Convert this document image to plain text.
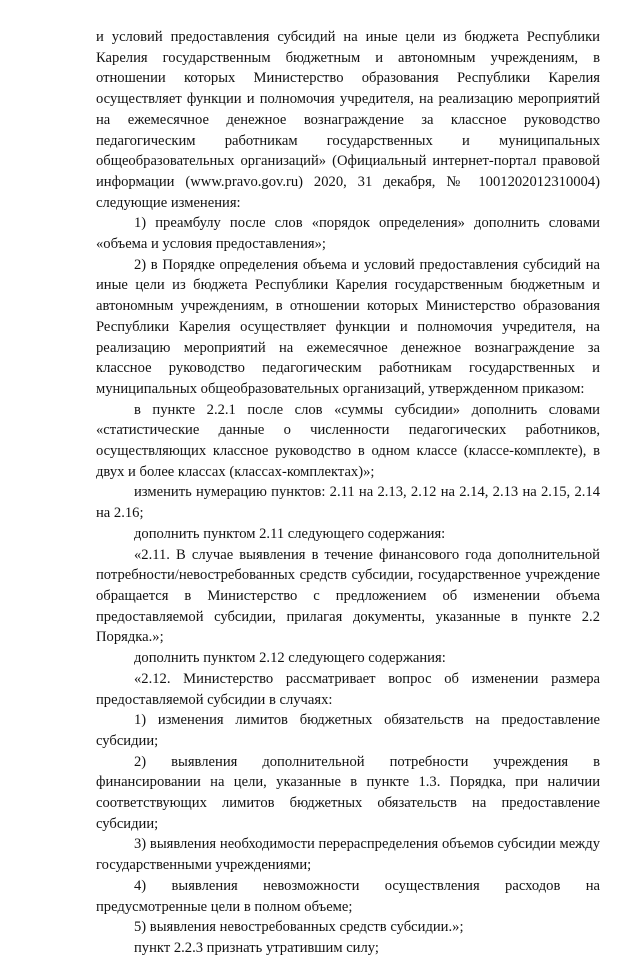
и условий предоставления субсидий на иные цели из бюджета Республики Карелия государственным бюджетным и автономным учреждениям, в отношении которых Министерство образования Республики Карелия осуществляет функции и полномочия учредителя, на реализацию мероприятий на ежемесячное денежное вознаграждение за классное руководство педагогическим работникам государственных и муниципальных общеобразовательных организаций» (Официальный интернет-портал правовой информации (www.pravo.gov.ru) 2020, 31 декабря, № 1001202012310004) следующие изменения:

1) преамбулу после слов «порядок определения» дополнить словами «объема и условия предоставления»;

2) в Порядке определения объема и условий предоставления субсидий на иные цели из бюджета Республики Карелия государственным бюджетным и автономным учреждениям, в отношении которых Министерство образования Республики Карелия осуществляет функции и полномочия учредителя, на реализацию мероприятий на ежемесячное денежное вознаграждение за классное руководство педагогическим работникам государственных и муниципальных общеобразовательных организаций, утвержденном приказом:

в пункте 2.2.1 после слов «суммы субсидии» дополнить словами «статистические данные о численности педагогических работников, осуществляющих классное руководство в одном классе (классе-комплекте), в двух и более классах (классах-комплектах)»;

изменить нумерацию пунктов: 2.11 на 2.13, 2.12 на 2.14, 2.13 на 2.15, 2.14 на 2.16;

дополнить пунктом 2.11 следующего содержания:

«2.11. В случае выявления в течение финансового года дополнительной потребности/невостребованных средств субсидии, государственное учреждение обращается в Министерство с предложением об изменении объема предоставляемой субсидии, прилагая документы, указанные в пункте 2.2 Порядка.»;

дополнить пунктом 2.12 следующего содержания:

«2.12. Министерство рассматривает вопрос об изменении размера предоставляемой субсидии в случаях:

1) изменения лимитов бюджетных обязательств на предоставление субсидии;

2) выявления дополнительной потребности учреждения в финансировании на цели, указанные в пункте 1.3. Порядка, при наличии соответствующих лимитов бюджетных обязательств на предоставление субсидии;

3) выявления необходимости перераспределения объемов субсидии между государственными учреждениями;

4) выявления невозможности осуществления расходов на предусмотренные цели в полном объеме;

5) выявления невостребованных средств субсидии.»;

пункт 2.2.3 признать утратившим силу;
